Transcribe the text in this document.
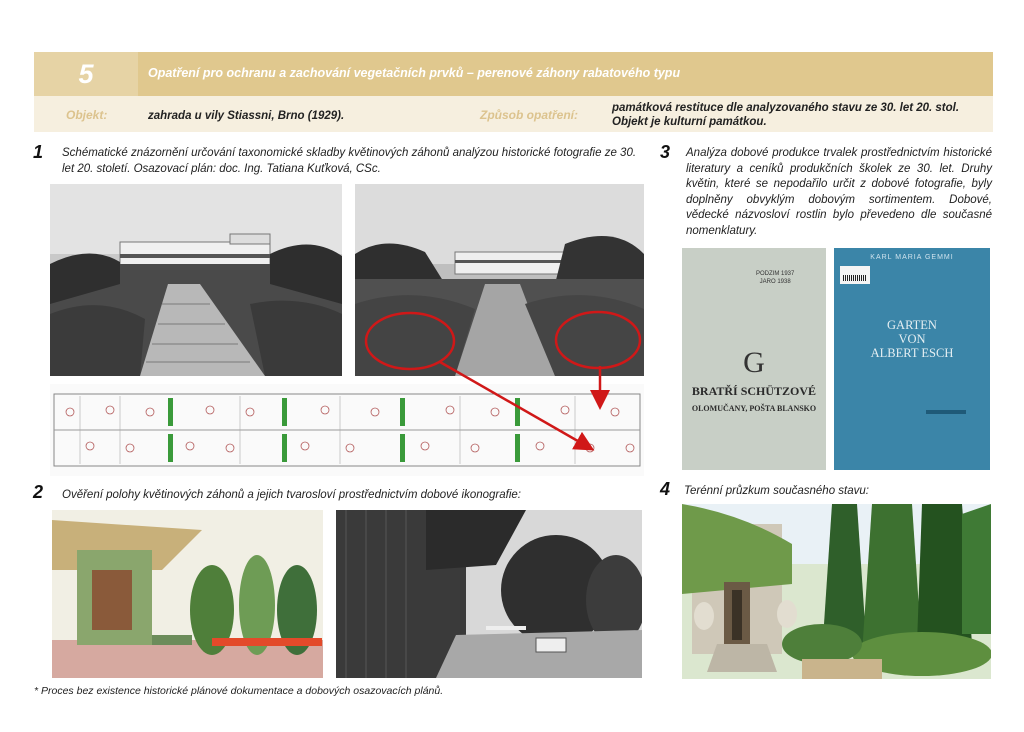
5	Opatření pro ochranu a zachování vegetačních prvků – perenové záhony rabatového typu
Objekt:	zahrada u vily Stiassni, Brno (1929).	Způsob opatření:	památková restituce dle analyzovaného stavu ze 30. let 20. stol.
Objekt je kulturní památkou.
1 Schématické znázornění určování taxonomické skladby květinových záhonů analýzou historické fotografie ze 30. let 20. století. Osazovací plán: doc. Ing. Tatiana Kuťková, CSc.
2 Ověření polohy květinových záhonů a jejich tvarosloví prostřednictvím dobové ikonografie:
3 Analýza dobové produkce trvalek prostřednictvím historické literatury a ceníků produkčních školek ze 30. let. Druhy květin, které se nepodařilo určit z dobové fotografie, byly doplněny obvyklým dobovým sortimentem. Dobové, vědecké názvosloví rostlin bylo převedeno dle současné nomenklatury.
PODZIM 1937
JARO 1938
G
BRATŘÍ SCHÜTZOVÉ
OLOMUČANY, POŠTA BLANSKO
KARL MARIA GEMMI
GARTEN
VON
ALBERT ESCH
4 Terénní průzkum současného stavu:
* Proces bez existence historické plánové dokumentace a dobových osazovacích plánů.
